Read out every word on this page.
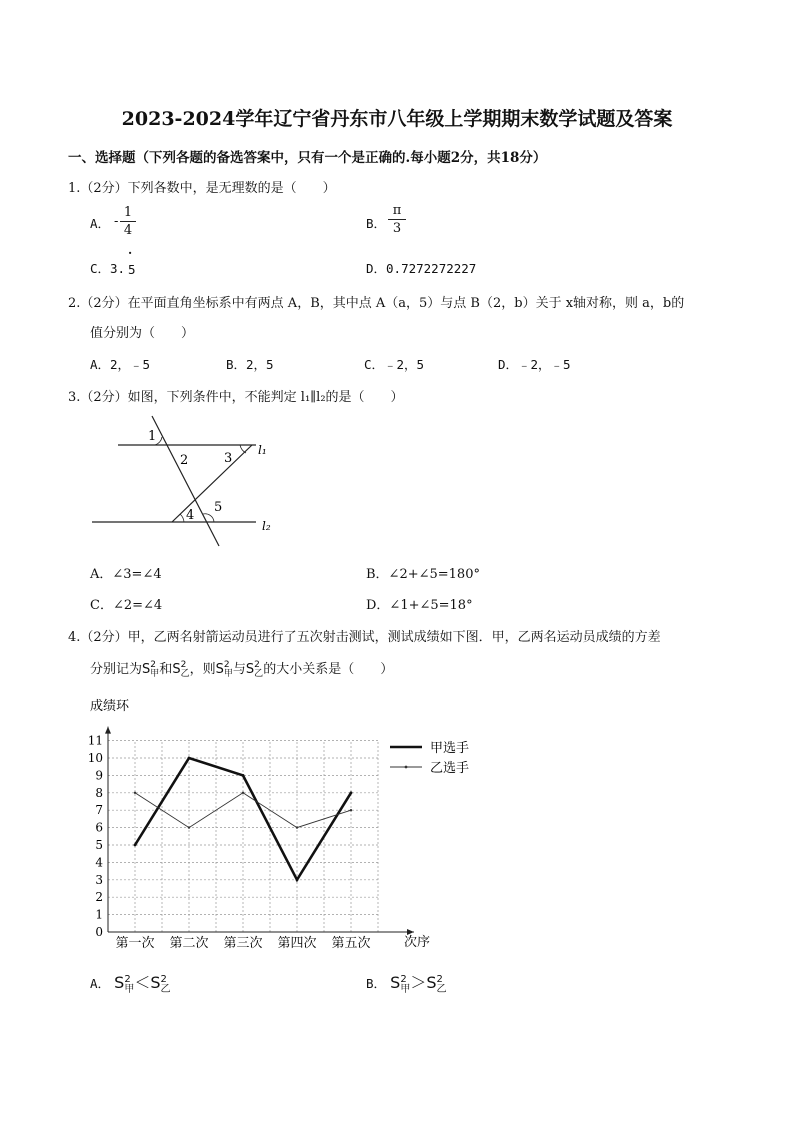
2023-2024学年辽宁省丹东市八年级上学期期末数学试题及答案
一、选择题（下列各题的备选答案中，只有一个是正确的.每小题2分，共18分）
1.（2分）下列各数中，是无理数的是（　　）
A． -
1
4	B．
π
3
C．3.
·
5	D．0.7272272227
2.（2分）在平面直角坐标系中有两点 A，B，其中点 A（a，5）与点 B（2，b）关于 x轴对称，则 a，b的
值分别为（　　）
A．2，﹣5	B．2，5	C．﹣2，5	D．﹣2，﹣5
3.（2分）如图，下列条件中，不能判定 l₁∥l₂的是（　　）
1
2	3
l₁
4
5
l₂
A．∠3=∠4	B．∠2+∠5=180°
C．∠2=∠4	D．∠1+∠5=18°
4.（2分）甲，乙两名射箭运动员进行了五次射击测试，测试成绩如下图．甲，乙两名运动员成绩的方差
分别记为S 2
甲 和S 2
乙 ，则S 2
甲 与S 2
乙 的大小关系是（　　）
成绩环
0
1
2
3
4
5
6
7
8
9
10
11
第一次 第二次 第三次 第四次 第五次	次序
甲选手
乙选手
A． S 2
甲 ＜S 2
乙	B． S 2
甲 ＞S 2
乙
